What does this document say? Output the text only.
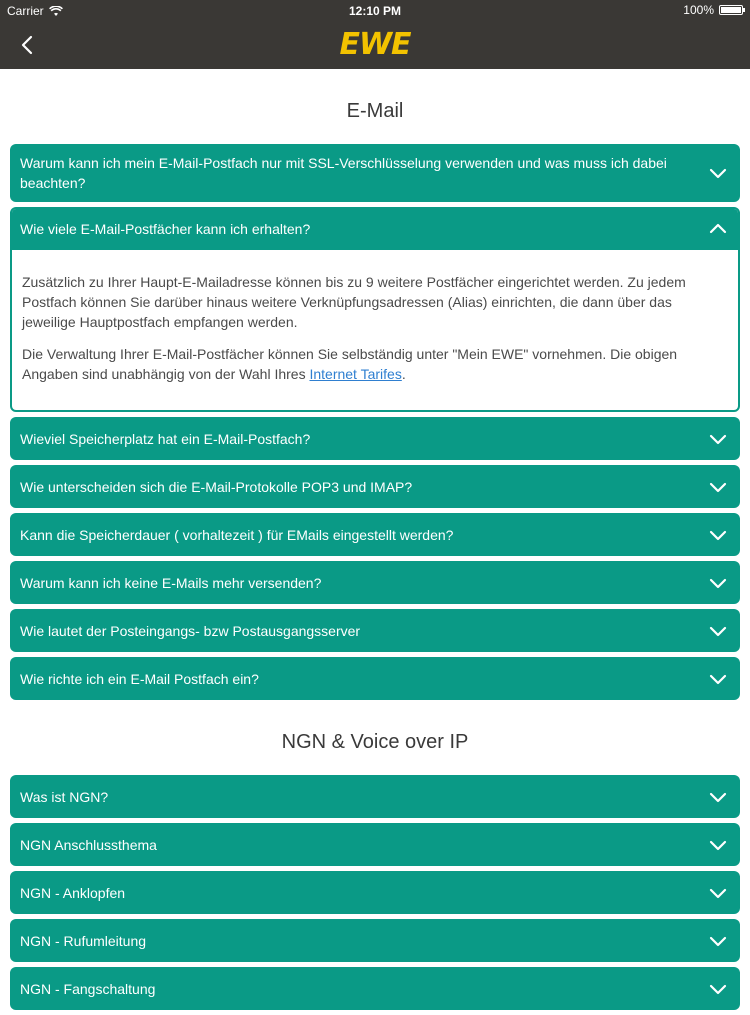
Carrier	12:10 PM	100%
EWE
E-Mail
Warum kann ich mein E-Mail-Postfach nur mit SSL-Verschlüsselung verwenden und was muss ich dabei beachten?
Wie viele E-Mail-Postfächer kann ich erhalten?

Zusätzlich zu Ihrer Haupt-E-Mailadresse können bis zu 9 weitere Postfächer eingerichtet werden. Zu jedem Postfach können Sie darüber hinaus weitere Verknüpfungsadressen (Alias) einrichten, die dann über das jeweilige Hauptpostfach empfangen werden.

Die Verwaltung Ihrer E-Mail-Postfächer können Sie selbständig unter "Mein EWE" vornehmen. Die obigen Angaben sind unabhängig von der Wahl Ihres Internet Tarifes.

Wieviel Speicherplatz hat ein E-Mail-Postfach?
Wie unterscheiden sich die E-Mail-Protokolle POP3 und IMAP?
Kann die Speicherdauer ( vorhaltezeit ) für EMails eingestellt werden?
Warum kann ich keine E-Mails mehr versenden?
Wie lautet der Posteingangs- bzw Postausgangsserver
Wie richte ich ein E-Mail Postfach ein?
NGN & Voice over IP
Was ist NGN?
NGN Anschlussthema
NGN - Anklopfen
NGN - Rufumleitung
NGN - Fangschaltung
